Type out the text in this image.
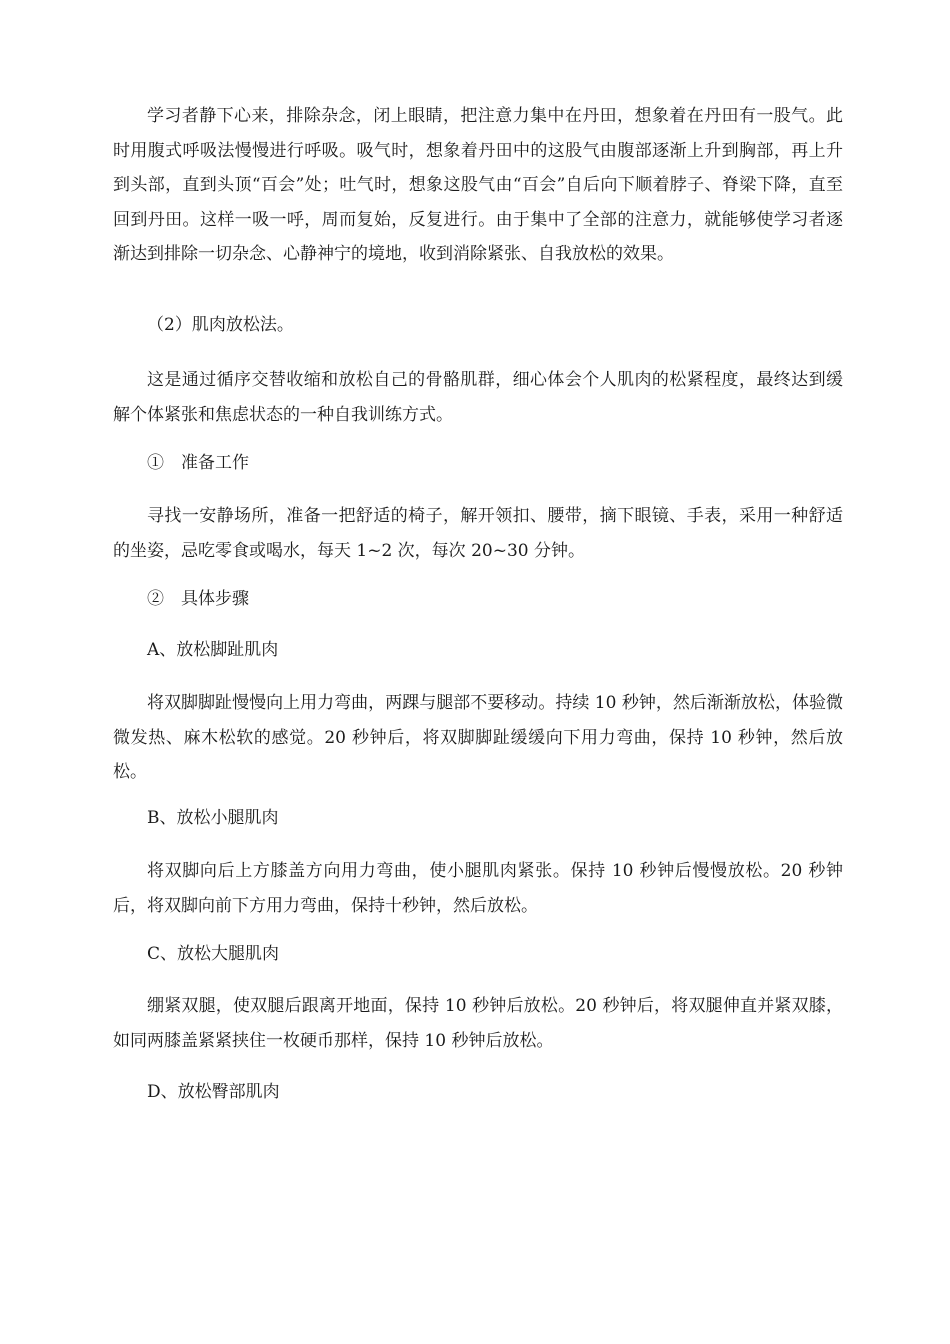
学习者静下心来，排除杂念，闭上眼睛，把注意力集中在丹田，想象着在丹田有一股气。此时用腹式呼吸法慢慢进行呼吸。吸气时，想象着丹田中的这股气由腹部逐渐上升到胸部，再上升到头部，直到头顶“百会”处；吐气时，想象这股气由“百会”自后向下顺着脖子、脊梁下降，直至回到丹田。这样一吸一呼，周而复始，反复进行。由于集中了全部的注意力，就能够使学习者逐渐达到排除一切杂念、心静神宁的境地，收到消除紧张、自我放松的效果。

（2）肌肉放松法。

这是通过循序交替收缩和放松自己的骨骼肌群，细心体会个人肌肉的松紧程度，最终达到缓解个体紧张和焦虑状态的一种自我训练方式。

①　准备工作

寻找一安静场所，准备一把舒适的椅子，解开领扣、腰带，摘下眼镜、手表，采用一种舒适的坐姿，忌吃零食或喝水，每天 1~2 次，每次 20~30 分钟。

②　具体步骤

A、放松脚趾肌肉

将双脚脚趾慢慢向上用力弯曲，两踝与腿部不要移动。持续 10 秒钟，然后渐渐放松，体验微微发热、麻木松软的感觉。20 秒钟后，将双脚脚趾缓缓向下用力弯曲，保持 10 秒钟，然后放松。

B、放松小腿肌肉

将双脚向后上方膝盖方向用力弯曲，使小腿肌肉紧张。保持 10 秒钟后慢慢放松。20 秒钟后，将双脚向前下方用力弯曲，保持十秒钟，然后放松。

C、放松大腿肌肉

绷紧双腿，使双腿后跟离开地面，保持 10 秒钟后放松。20 秒钟后，将双腿伸直并紧双膝，如同两膝盖紧紧挟住一枚硬币那样，保持 10 秒钟后放松。

D、放松臀部肌肉
